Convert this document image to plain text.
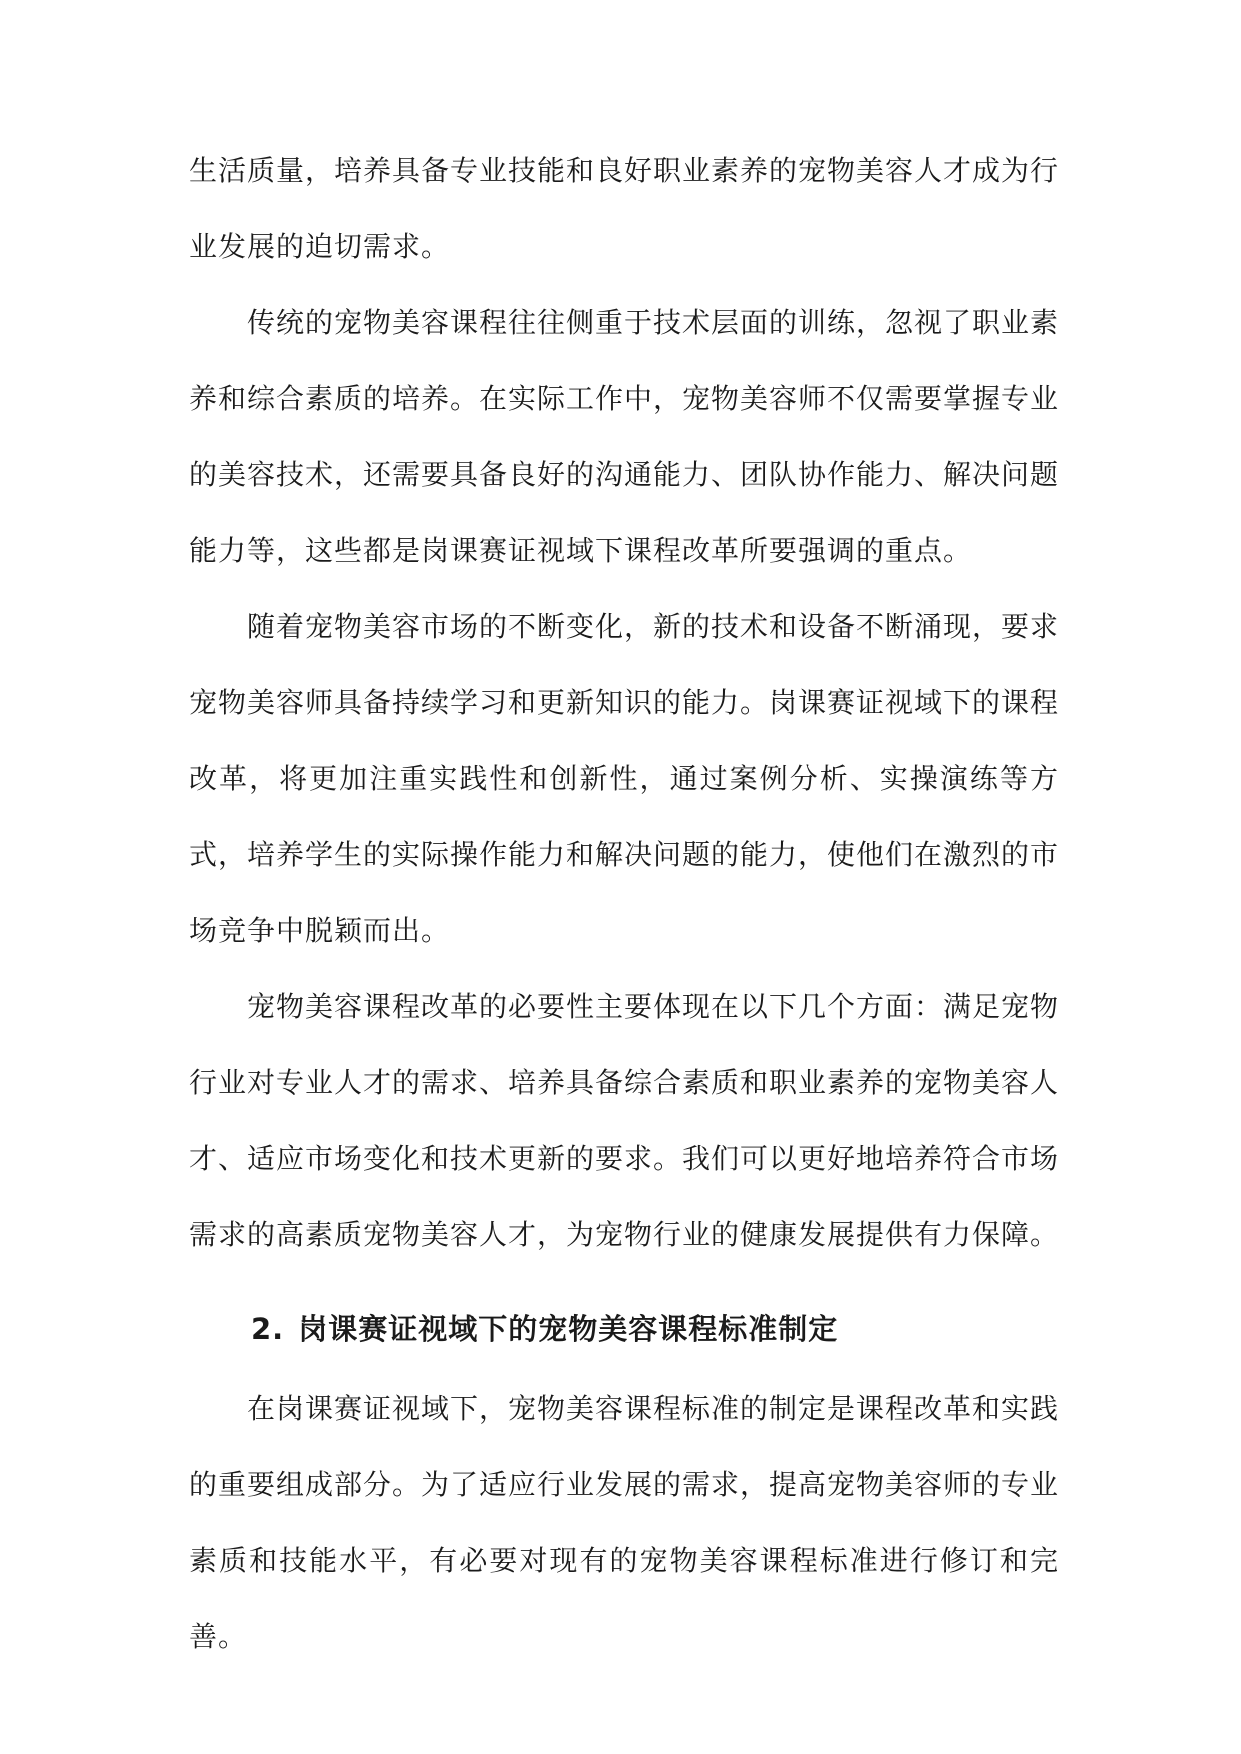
生活质量，培养具备专业技能和良好职业素养的宠物美容人才成为行业发展的迫切需求。

传统的宠物美容课程往往侧重于技术层面的训练，忽视了职业素养和综合素质的培养。在实际工作中，宠物美容师不仅需要掌握专业的美容技术，还需要具备良好的沟通能力、团队协作能力、解决问题能力等，这些都是岗课赛证视域下课程改革所要强调的重点。

随着宠物美容市场的不断变化，新的技术和设备不断涌现，要求宠物美容师具备持续学习和更新知识的能力。岗课赛证视域下的课程改革，将更加注重实践性和创新性，通过案例分析、实操演练等方式，培养学生的实际操作能力和解决问题的能力，使他们在激烈的市场竞争中脱颖而出。

宠物美容课程改革的必要性主要体现在以下几个方面：满足宠物行业对专业人才的需求、培养具备综合素质和职业素养的宠物美容人才、适应市场变化和技术更新的要求。我们可以更好地培养符合市场需求的高素质宠物美容人才，为宠物行业的健康发展提供有力保障。

2. 岗课赛证视域下的宠物美容课程标准制定

在岗课赛证视域下，宠物美容课程标准的制定是课程改革和实践的重要组成部分。为了适应行业发展的需求，提高宠物美容师的专业素质和技能水平，有必要对现有的宠物美容课程标准进行修订和完善。
